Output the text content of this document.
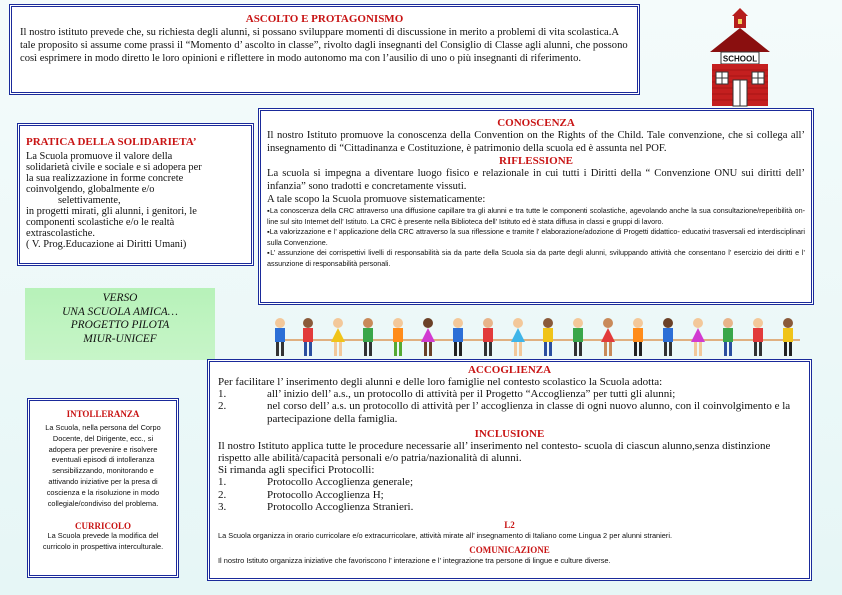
ASCOLTO E PROTAGONISMO
Il nostro istituto prevede che, su richiesta degli alunni, si possano sviluppare momenti di discussione in merito a problemi di vita scolastica.A tale proposito si assume come prassi il “Momento d’ ascolto in classe”, rivolto dagli insegnanti del Consiglio di Classe agli alunni, che possono così esprimere in modo diretto le loro opinioni e riflettere in modo autonomo ma con l’ausilio di uno o più insegnanti di riferimento.	SCHOOL
PRATICA DELLA SOLIDARIETA’
La Scuola promuove il valore della
solidarietà civile e sociale e si adopera per
la sua realizzazione in forme concrete
coinvolgendo, globalmente e/o
selettivamente,
in progetti mirati, gli alunni, i genitori, le
componenti scolastiche e/o le realtà
extrascolastiche.
( V. Prog.Educazione ai Diritti Umani)
CONOSCENZA
Il nostro Istituto promuove la conoscenza della Convention on the Rights of the Child. Tale convenzione, che si collega all’ insegnamento di “Cittadinanza e Costituzione, è patrimonio della scuola ed è assunta nel POF.
RIFLESSIONE
La scuola si impegna a diventare luogo fisico e relazionale in cui tutti i Diritti della “ Convenzione ONU sui diritti dell’ infanzia” sono tradotti e concretamente vissuti.
A tale scopo la Scuola promuove sistematicamente:
▪La conoscenza della CRC attraverso una diffusione capillare tra gli alunni e tra tutte le componenti scolastiche, agevolando anche la sua consultazione/reperibilità on-line sul sito Internet dell’ Istituto. La CRC è presente nella Biblioteca dell’ Istituto ed è stata diffusa in classi e gruppi di lavoro.
▪La valorizzazione e l’ applicazione della CRC attraverso la sua riflessione e tramite l’ elaborazione/adozione di Progetti didattico- educativi trasversali ed interdisciplinari sulla Convenzione.
▪L’ assunzione dei corrispettivi livelli di responsabilità sia da parte della Scuola sia da parte degli alunni, sviluppando attività che consentano l’ esercizio dei diritti e l’ assunzione di responsabilità personali.
VERSO
UNA SCUOLA AMICA…
PROGETTO PILOTA
MIUR-UNICEF
INTOLLERANZA
La Scuola, nella persona del Corpo
Docente, del Dirigente, ecc., si
adopera per prevenire e risolvere
eventuali episodi di intolleranza
sensibilizzando, monitorando e
attivando iniziative per la presa di
coscienza e la risoluzione in modo
collegiale/condiviso del problema.
CURRICOLO
La Scuola prevede la modifica del
curricolo in prospettiva interculturale.
ACCOGLIENZA
Per facilitare l’ inserimento degli alunni e delle loro famiglie nel contesto scolastico la Scuola adotta:
1.	all’ inizio dell’ a.s., un protocollo di attività per il Progetto “Accoglienza” per tutti gli alunni;
2.	nel corso dell’ a.s. un protocollo di attività per l’ accoglienza in classe di ogni nuovo alunno, con il coinvolgimento e la partecipazione della famiglia.
INCLUSIONE
Il nostro Istituto applica tutte le procedure necessarie all’ inserimento nel contesto- scuola di ciascun alunno,senza distinzione rispetto alle abilità/capacità personali e/o patria/nazionalità di alunni.
Si rimanda agli specifici Protocolli:
1.	Protocollo Accoglienza generale;
2.	Protocollo Accoglienza H;
3.	Protocollo Accoglienza Stranieri.
L2
La Scuola organizza in orario curricolare e/o extracurricolare, attività mirate all’ insegnamento di Italiano come Lingua 2 per alunni stranieri.
COMUNICAZIONE
Il nostro Istituto organizza iniziative che favoriscono l’ interazione e l’ integrazione tra persone di lingue e culture diverse.
